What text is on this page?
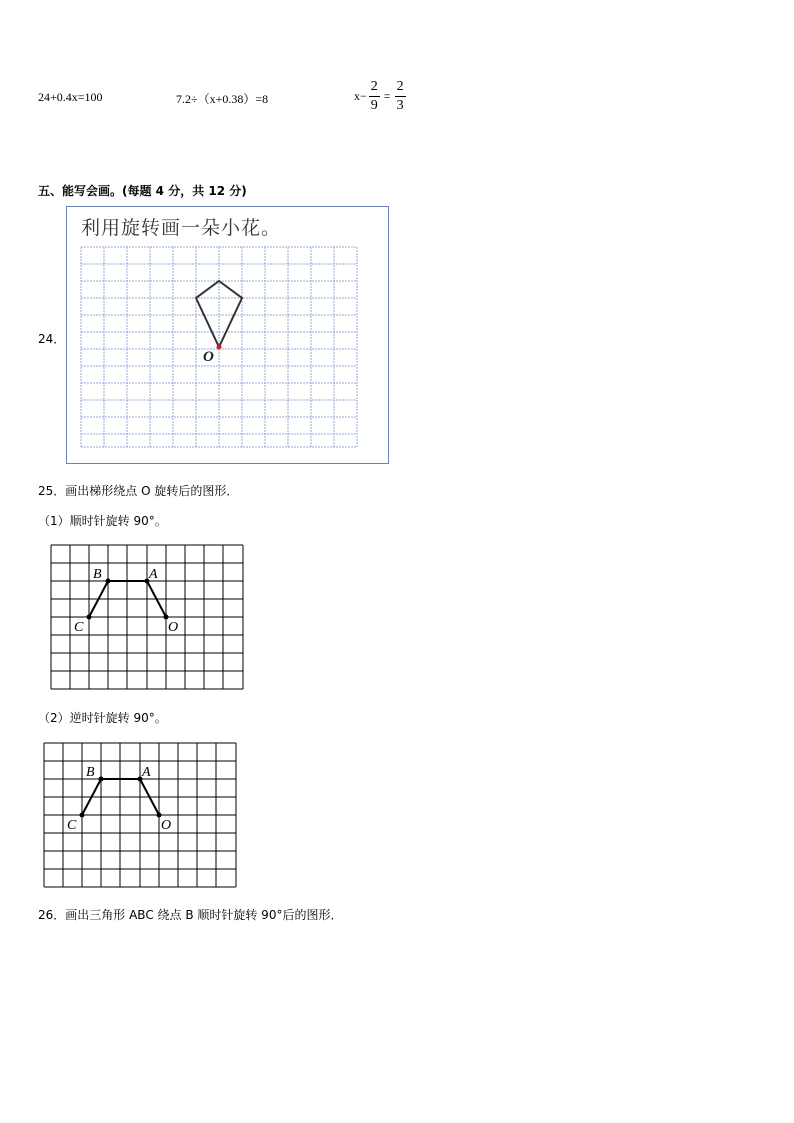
24+0.4x=100	7.2÷（x+0.38）=8	$x- \frac{2}{9} = \frac{2}{3}$
五、能写会画。(每题 4 分，共 12 分)
24．
利用旋转画一朵小花。
O
25．画出梯形绕点 O 旋转后的图形．
（1）顺时针旋转 90°。
B	A
C	O
（2）逆时针旋转 90°。
B	A
C	O
26．画出三角形 ABC 绕点 B 顺时针旋转 90°后的图形．
